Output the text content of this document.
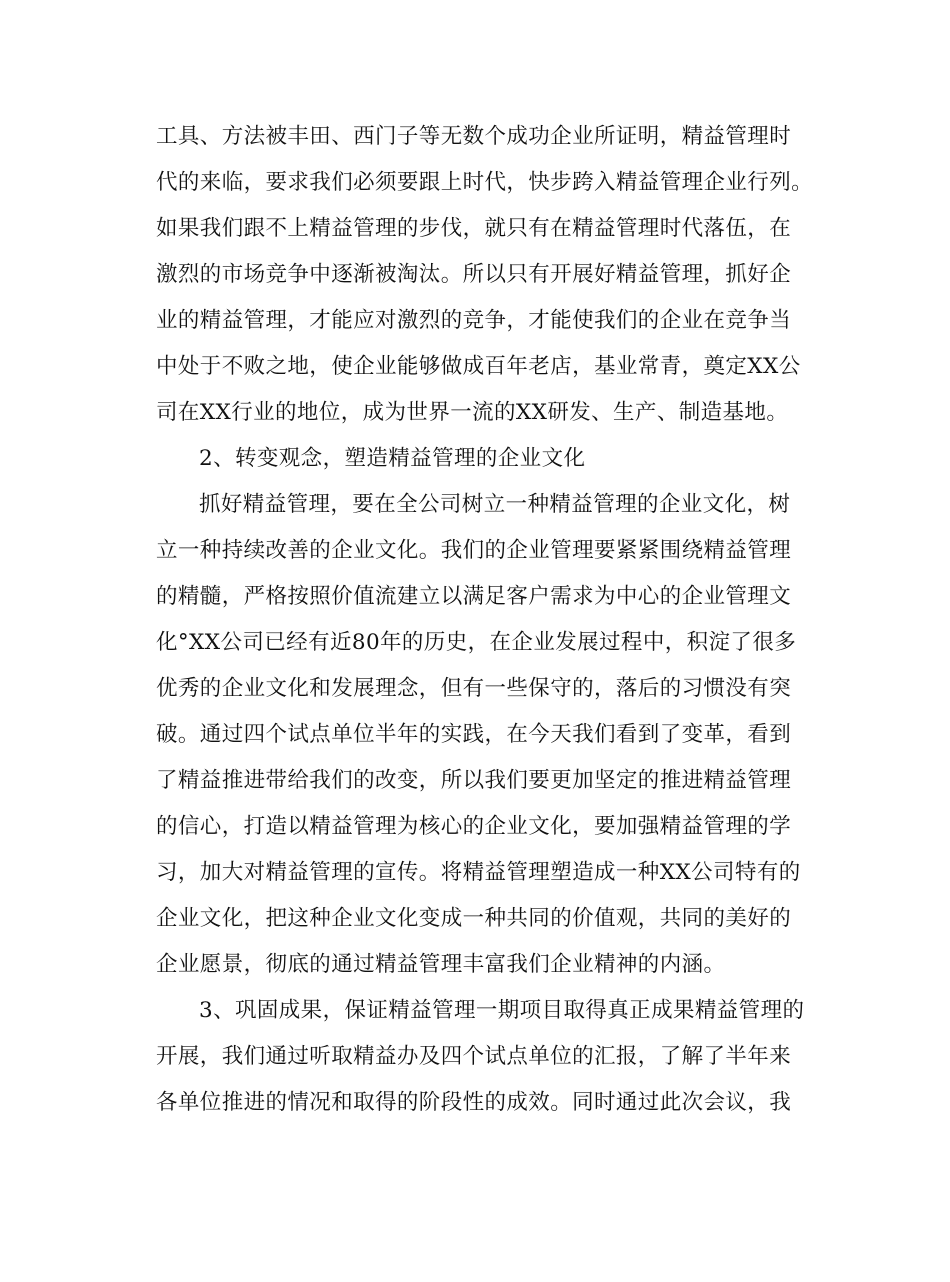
工具、方法被丰田、西门子等无数个成功企业所证明，精益管理时
代的来临，要求我们必须要跟上时代，快步跨入精益管理企业行列。
如果我们跟不上精益管理的步伐，就只有在精益管理时代落伍，在
激烈的市场竞争中逐渐被淘汰。所以只有开展好精益管理，抓好企
业的精益管理，才能应对激烈的竞争，才能使我们的企业在竞争当
中处于不败之地，使企业能够做成百年老店，基业常青，奠定XX公
司在XX行业的地位，成为世界一流的XX研发、生产、制造基地。
2、转变观念，塑造精益管理的企业文化
抓好精益管理，要在全公司树立一种精益管理的企业文化，树
立一种持续改善的企业文化。我们的企业管理要紧紧围绕精益管理
的精髓，严格按照价值流建立以满足客户需求为中心的企业管理文
化°XX公司已经有近80年的历史，在企业发展过程中，积淀了很多
优秀的企业文化和发展理念，但有一些保守的，落后的习惯没有突
破。通过四个试点单位半年的实践，在今天我们看到了变革，看到
了精益推进带给我们的改变，所以我们要更加坚定的推进精益管理
的信心，打造以精益管理为核心的企业文化，要加强精益管理的学
习，加大对精益管理的宣传。将精益管理塑造成一种XX公司特有的
企业文化，把这种企业文化变成一种共同的价值观，共同的美好的
企业愿景，彻底的通过精益管理丰富我们企业精神的内涵。
3、巩固成果，保证精益管理一期项目取得真正成果精益管理的
开展，我们通过听取精益办及四个试点单位的汇报，了解了半年来
各单位推进的情况和取得的阶段性的成效。同时通过此次会议，我
